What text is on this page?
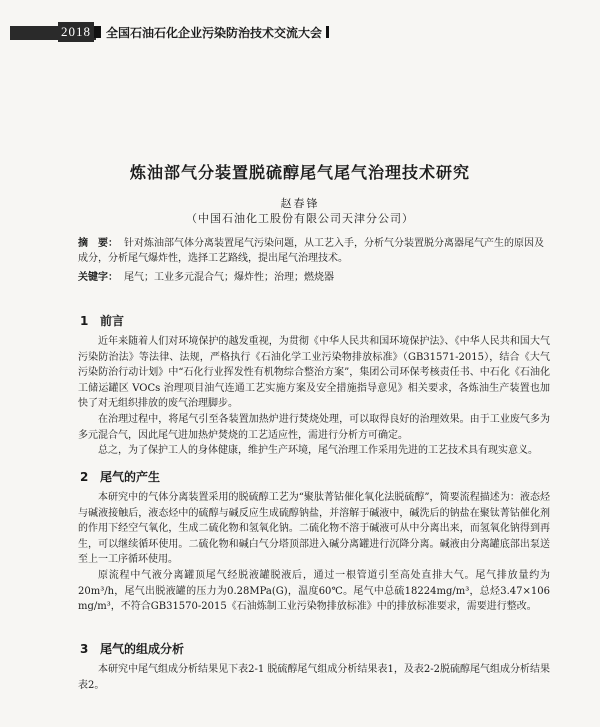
2018 全国石油石化企业污染防治技术交流大会
炼油部气分装置脱硫醇尾气尾气治理技术研究
赵春锋
（中国石油化工股份有限公司天津分公司）
摘　要： 针对炼油部气体分离装置尾气污染问题，从工艺入手，分析气分装置脱分离器尾气产生的原因及成分，分析尾气爆炸性，选择工艺路线，提出尾气治理技术。
关键字： 尾气；工业多元混合气；爆炸性；治理；燃烧器
1 前言

近年来随着人们对环境保护的越发重视，为贯彻《中华人民共和国环境保护法》、《中华人民共和国大气污染防治法》等法律、法规，严格执行《石油化学工业污染物排放标准》（GB31571-2015），结合《大气污染防治行动计划》中“石化行业挥发性有机物综合整治方案”，集团公司环保考核责任书、中石化《石油化工储运罐区 VOCs 治理项目油气连通工艺实施方案及安全措施指导意见》相关要求，各炼油生产装置也加快了对无组织排放的废气治理脚步。

在治理过程中，将尾气引至各装置加热炉进行焚烧处理，可以取得良好的治理效果。由于工业废气多为多元混合气，因此尾气进加热炉焚烧的工艺适应性，需进行分析方可确定。

总之，为了保护工人的身体健康，维护生产环境，尾气治理工作采用先进的工艺技术具有现实意义。

2 尾气的产生

本研究中的气体分离装置采用的脱硫醇工艺为“聚肽菁钴催化氧化法脱硫醇”，简要流程描述为：液态烃与碱液接触后，液态烃中的硫醇与碱反应生成硫醇钠盐，并溶解于碱液中，碱洗后的钠盐在聚钛菁钴催化剂的作用下经空气氧化，生成二硫化物和氢氧化钠。二硫化物不溶于碱液可从中分离出来，而氢氧化钠得到再生，可以继续循环使用。二硫化物和碱白气分塔顶部进入碱分离罐进行沉降分离。碱液由分离罐底部出泵送至上一工序循环使用。

原流程中气液分离罐顶尾气经脱液罐脱液后，通过一根管道引至高处直排大气。尾气排放量约为20m³/h，尾气出脱液罐的压力为0.28MPa(G)，温度60℃。尾气中总硫18224mg/m³，总烃3.47×106 mg/m³，不符合GB31570-2015《石油炼制工业污染物排放标准》中的排放标准要求，需要进行整改。

3 尾气的组成分析

本研究中尾气组成分析结果见下表2-1 脱硫醇尾气组成分析结果表1，及表2-2脱硫醇尾气组成分析结果表2。
